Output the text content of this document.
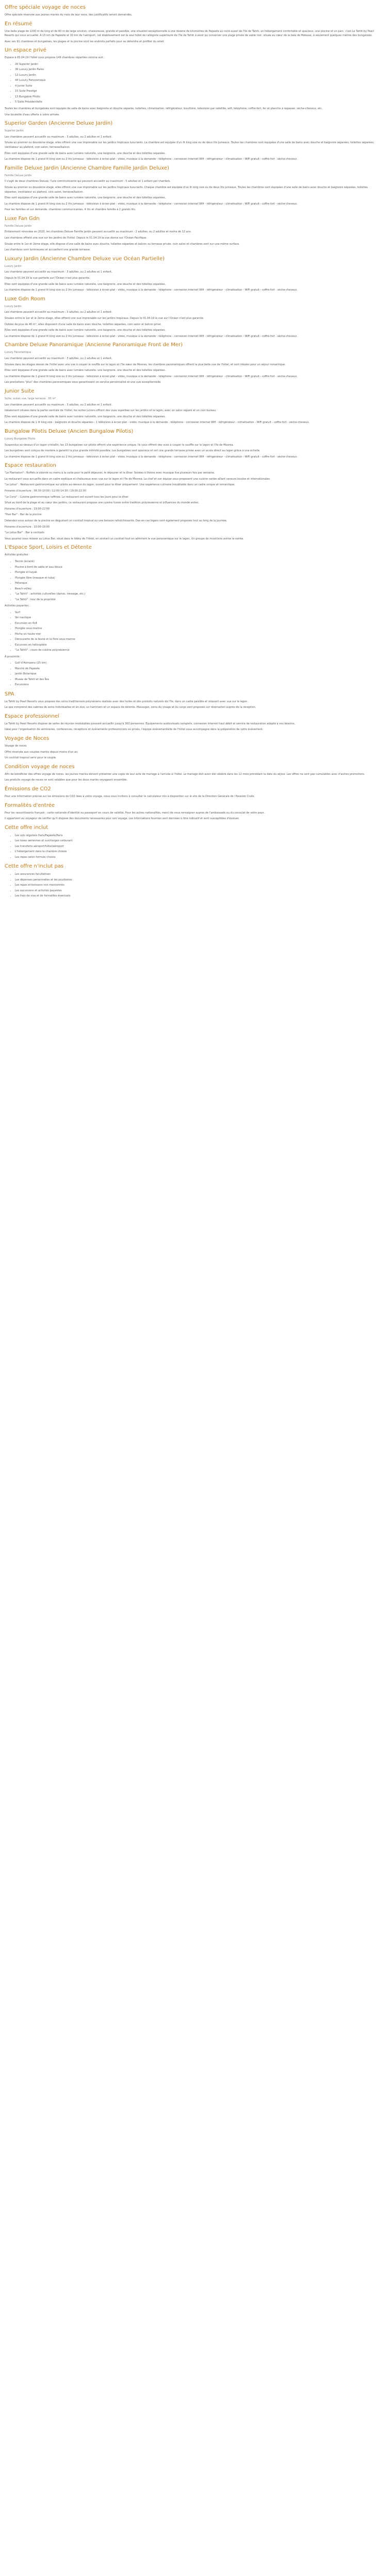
Offre spéciale voyage de noces

Offre spéciale réservée aux jeunes mariés du mois de leur noce, des justificatifs seront demandés.

En résumé

Une belle plage de 1200 m de long et de 60 m de large environ, chaleureuse, grande et paisible, une situation exceptionnelle à une dizaine de kilomètres de Papeete au nord-ouest de l'île de Tahiti, un hébergement confortable et spacieux, une piscine et un parc, c'est Le Tahiti by Pearl Resorts qui vous accueille. À 15 km de Papeete et 10 km de l'aéroport, cet établissement est le seul hôtel de catégorie supérieure de l'île de Tahiti à avoir pu conserver une plage privée de sable noir, située au cœur de la baie de Matavai, à seulement quelques mètres des bungalows.

Avec ses 91 chambres et bungalows, les plages et la piscine sont les endroits parfaits pour se détendre et profiter du soleil.

Un espace privé

Espace à 05.04.19 l'hôtel vous propose 149 chambres réparties comme suit :

• 20 Superior Jardin
• 36 Luxury Jardin Pareo
• 12 Luxury Jardin
• 44 Luxury Panoramique
• 4 Junior Suite
• 15 Suite Prestige
• 13 Bungalow Pilotis
• 5 Suite Présidentielle

Toutes les chambres et bungalows sont équipés de salle de bains avec baignoire et douche séparée, toilettes, climatisation, réfrigérateur, bouilloire, télévision par satellite, wifi, téléphone, coffre-fort, fer et planche à repasser, sèche-cheveux, etc.

Une bouteille d'eau offerte à votre arrivée.

Superior Garden (Ancienne Deluxe Jardin)

Superior Jardin

Les chambres peuvent accueillir au maximum : 3 adultes, ou 2 adultes et 1 enfant.

Située au premier ou deuxième étage, elles offrent une vue imprenable sur les jardins tropicaux luxuriants. La chambre est équipée d'un lit king size ou de deux lits jumeaux. Toutes les chambres sont équipées d'une salle de bains avec douche et baignoire séparées, toilettes séparées, ventilateur au plafond, coin salon, terrasse/balcon.

Elles sont équipées d'une grande salle de bains avec lumière naturelle, une baignoire, une douche et des toilettes séparées.

La chambre dispose de 1 grand lit king size ou 2 lits jumeaux - télévision à écran plat - vidéo, musique à la demande - téléphone - connexion internet Wifi - réfrigérateur - climatisation - WiFi gratuit - coffre-fort - sèche-cheveux.

Famille Deluxe Jardin (Ancienne Chambre Famille Jardin Deluxe)

Famille Deluxe Jardin

Il s'agit de deux chambres Deluxe, l'une communicante qui peuvent accueillir au maximum : 5 adultes et 1 enfant par chambre.

Située au premier ou deuxième étage, elles offrent une vue imprenable sur les jardins tropicaux luxuriants. Chaque chambre est équipée d'un lit king size ou de deux lits jumeaux. Toutes les chambres sont équipées d'une salle de bains avec douche et baignoire séparées, toilettes séparées, ventilateur au plafond, coin salon, terrasse/balcon.

Elles sont équipées d'une grande salle de bains avec lumière naturelle, une baignoire, une douche et des toilettes séparées.

La chambre dispose de 1 grand lit king size ou 2 lits jumeaux - télévision à écran plat - vidéo, musique à la demande - téléphone - connexion internet Wifi - réfrigérateur - climatisation - WiFi gratuit - coffre-fort - sèche-cheveux.

Pour les familles et sur demande, chambres communicantes, 4 lits et chambre famille à 2 grands lits.

Luxe Fan Gdn

Famille Deluxe Jardin

Entièrement rénovées en 2020, les chambres Deluxe Famille Jardin peuvent accueillir au maximum : 2 adultes, ou 2 adultes et moins de 12 ans.

Les chambres offrent une vue sur les jardins de l'hôtel. Depuis le 01.04.19 la vue donne sur l'Océan Pacifique.

Située entre le 1er et 2ème étage, elle dispose d'une salle de bains avec douche, toilettes séparées et balcon ou terrasse privée, coin salon et chambres sont sur une même surface.

Les chambres sont lumineuses et accueillent une grande terrasse.

Luxury Jardin (Ancienne Chambre Deluxe vue Océan Partielle)

Luxury Jardin

Les chambres peuvent accueillir au maximum : 3 adultes, ou 2 adultes et 1 enfant.

Depuis le 01.04.19 la vue partielle sur l'Océan n'est plus garantie.

Elles sont équipées d'une grande salle de bains avec lumière naturelle, une baignoire, une douche et des toilettes séparées.

La chambre dispose de 1 grand lit king size ou 2 lits jumeaux - télévision à écran plat - vidéo, musique à la demande - téléphone - connexion internet Wifi - réfrigérateur - climatisation - WiFi gratuit - coffre-fort - sèche-cheveux.

Luxe Gdn Room

Luxury Jardin

Les chambres peuvent accueillir au maximum : 3 adultes, ou 2 adultes et 1 enfant.

Situées entre le 1er et le 2ème étage, elles offrent une vue imprenable sur les jardins tropicaux. Depuis le 01.04.19 la vue sur l'Océan n'est plus garantie.

Dotées de plus de 40 m², elles disposent d'une salle de bains avec douche, toilettes séparées, coin salon et balcon privé.

Elles sont équipées d'une grande salle de bains avec lumière naturelle, une baignoire, une douche et des toilettes séparées.

La chambre dispose de 1 grand lit king size ou 2 lits jumeaux - télévision à écran plat - vidéo, musique à la demande - téléphone - connexion internet Wifi - réfrigérateur - climatisation - WiFi gratuit - coffre-fort - sèche-cheveux.

Chambre Deluxe Panoramique (Ancienne Panoramique Front de Mer)

Luxury Panoramique

Les chambres peuvent accueillir au maximum : 3 adultes, ou 2 adultes et 1 enfant.

Situées dans les étages élevés de l'hôtel avec une vue à couper le souffle sur le lagon et l'île sœur de Moorea, les chambres panoramiques offrent la plus belle vue de l'hôtel, et sont idéales pour un séjour romantique.

Elles sont équipées d'une grande salle de bains avec lumière naturelle, une baignoire, une douche et des toilettes séparées.

La chambre dispose de 1 grand lit king size ou 2 lits jumeaux - télévision à écran plat - vidéo, musique à la demande - téléphone - connexion internet Wifi - réfrigérateur - climatisation - WiFi gratuit - coffre-fort - sèche-cheveux.

Les prestations "plus" des chambres panoramiques vous garantissent un service personnalisé et une vue exceptionnelle.

Junior Suite

Suite, océan vue, large terrasse : 65 m²

Les chambres peuvent accueillir au maximum : 3 adultes, ou 2 adultes et 1 enfant.

Idéalement situées dans la partie centrale de l'hôtel, les suites juniors offrent des vues superbes sur les jardins et le lagon, avec un salon séparé et un coin bureau.

Elles sont équipées d'une grande salle de bains avec lumière naturelle, une baignoire, une douche et des toilettes séparées.

La chambre dispose de 1 lit king size - baignoire et douche séparées - 1 télévision à écran plat - vidéo, musique à la demande - téléphone - connexion internet Wifi - réfrigérateur - climatisation - WiFi gratuit - coffre-fort - sèche-cheveux.

Bungalow Pilotis Deluxe (Ancien Bungalow Pilotis)

Luxury Bungalow Pilotis

Suspendus au-dessus d'un lagon cristallin, les 13 bungalows sur pilotis offrent une expérience unique. Ils vous offrent des vues à couper le souffle sur le lagon et l'île de Moorea.

Les bungalows sont conçus de manière à garantir la plus grande intimité possible. Les bungalows sont spacieux et ont une grande terrasse privée avec un accès direct au lagon grâce à une échelle.

La chambre dispose de 1 grand lit king size ou 2 lits jumeaux - télévision à écran plat - vidéo, musique à la demande - téléphone - connexion internet Wifi - réfrigérateur - climatisation - WiFi gratuit - coffre-fort - sèche-cheveux.

Espace restauration

"Le Plantation" : Buffets à volonté ou menu à la carte pour le petit déjeuner, le déjeuner et le dîner. Soirées à thème avec musique live plusieurs fois par semaine.

Le restaurant vous accueille dans un cadre exotique et chaleureux avec vue sur le lagon et l'île de Moorea. Le chef et son équipe vous proposent une cuisine variée alliant saveurs locales et internationales.

"Le Lotus" : Restaurant gastronomique sur pilotis au-dessus du lagon, ouvert pour le dîner uniquement. Une expérience culinaire inoubliable dans un cadre unique et romantique.

Horaires d'ouverture : 06:30-10:00 / 12:00-14:30 / 19:00-22:00

"Le Corsi" : Cuisine gastronomique raffinée. Le restaurant est ouvert tous les jours pour le dîner.

Situé au bord de la plage et au cœur des jardins, ce restaurant propose une cuisine fusion entre tradition polynésienne et influences du monde entier.

Horaires d'ouverture : 19:00-22:00

"Pool Bar" : Bar de la piscine

Détendez-vous autour de la piscine en dégustant un cocktail tropical ou une boisson rafraîchissante. Des en-cas légers sont également proposés tout au long de la journée.

Horaires d'ouverture : 10:00-19:00

"Le Lotus Bar" : Bar à cocktails

Vous pourrez vous relaxer au Lotus Bar, situé dans le lobby de l'hôtel, en sirotant un cocktail tout en admirant la vue panoramique sur le lagon. Un groupe de musiciens anime la soirée.

L'Espace Sport, Loisirs et Détente

Activités gratuites :

• Tennis (éclairé)
• Piscine à bord de sable et eau douce
• Plongée et kayak
• Plongée libre (masque et tuba)
• Pétanque
• Beach-volley
• "Le Tahiti" : activités culturelles (danse, tressage, etc.)
• "Le Tahiti" : tour de la propriété

Activités payantes :

• Surf
• Ski nautique
• Excursion en 4x4
• Plongée sous-marine
• Pêche en haute mer
• Découverte de la faune et la flore sous-marine
• Excursion en hélicoptère
• "Le Tahiti" : cours de cuisine polynésienne

À proximité :

• Golf d'Atimaono (25 km)
• Marché de Papeete
• Jardin Botanique
• Musée de Tahiti et des Îles
• Excursions
SPA

Le Tahiti by Pearl Resorts vous propose des soins traditionnels polynésiens réalisés avec des huiles et des produits naturels de l'île, dans un cadre paisible et relaxant avec vue sur le lagon.

Le spa comprend des cabines de soins individuelles et en duo, un hammam et un espace de détente. Massages, soins du visage et du corps sont proposés sur réservation auprès de la réception.

Espace professionnel

Le Tahiti by Pearl Resorts dispose de salles de réunion modulables pouvant accueillir jusqu'à 300 personnes. Équipements audiovisuels complets, connexion internet haut débit et service de restauration adapté à vos besoins.

Idéal pour l'organisation de séminaires, conférences, réceptions et événements professionnels ou privés, l'équipe événementielle de l'hôtel vous accompagne dans la préparation de votre événement.

Voyage de Noces

Voyage de noces

Offre réservée aux couples mariés depuis moins d'un an.

Un cocktail tropical servi pour le couple.

Condition voyage de noces

Afin de bénéficier des offres voyage de noces, les jeunes mariés doivent présenter une copie de leur acte de mariage à l'arrivée à l'hôtel. Le mariage doit avoir été célébré dans les 12 mois précédant la date du séjour. Les offres ne sont pas cumulables avec d'autres promotions.

Les produits voyage de noces ne sont valables que pour les deux mariés voyageant ensemble.

Émissions de CO2

Pour une information précise sur les émissions de CO2 liées à votre voyage, nous vous invitons à consulter le calculateur mis à disposition sur le site de la Direction Générale de l'Aviation Civile.

Formalités d'entrée

Pour les ressortissants français : carte nationale d'identité ou passeport en cours de validité. Pour les autres nationalités, merci de vous renseigner auprès de l'ambassade ou du consulat de votre pays.

Il appartient au voyageur de vérifier qu'il dispose des documents nécessaires pour son voyage. Les informations fournies sont données à titre indicatif et sont susceptibles d'évoluer.

Cette offre inclut
• Les vols réguliers Paris/Papeete/Paris
• Les taxes aériennes et surcharges carburant
• Les transferts aéroport/hôtel/aéroport
• L'hébergement dans la chambre choisie
• Les repas selon formule choisie
Cette offre n'inclut pas
• Les assurances facultatives
• Les dépenses personnelles et les pourboires
• Les repas et boissons non mentionnés
• Les excursions et activités payantes
• Les frais de visa et de formalités éventuels
